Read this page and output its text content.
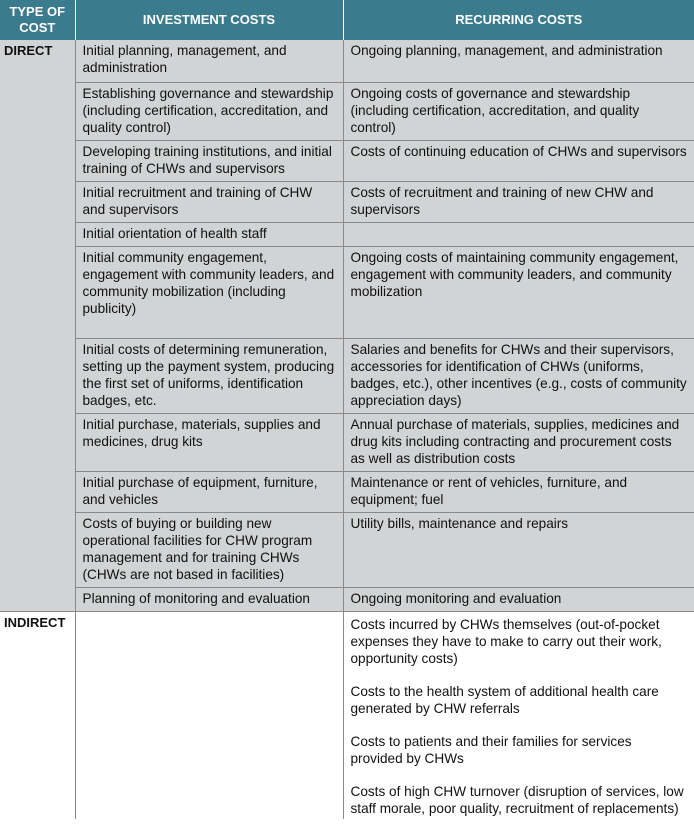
TYPE OF COST	INVESTMENT COSTS	RECURRING COSTS
DIRECT	Initial planning, management, and administration	Ongoing planning, management, and administration
	Establishing governance and stewardship (including certification, accreditation, and quality control)	Ongoing costs of governance and stewardship (including certification, accreditation, and quality control)
	Developing training institutions, and initial training of CHWs and supervisors	Costs of continuing education of CHWs and supervisors
	Initial recruitment and training of CHW and supervisors	Costs of recruitment and training of new CHW and supervisors
	Initial orientation of health staff	
	Initial community engagement, engagement with community leaders, and community mobilization (including publicity)	Ongoing costs of maintaining community engagement, engagement with community leaders, and community mobilization
	Initial costs of determining remuneration, setting up the payment system, producing the first set of uniforms, identification badges, etc.	Salaries and benefits for CHWs and their supervisors, accessories for identification of CHWs (uniforms, badges, etc.), other incentives (e.g., costs of community appreciation days)
	Initial purchase, materials, supplies and medicines, drug kits	Annual purchase of materials, supplies, medicines and drug kits including contracting and procurement costs as well as distribution costs
	Initial purchase of equipment, furniture, and vehicles	Maintenance or rent of vehicles, furniture, and equipment; fuel
	Costs of buying or building new operational facilities for CHW program management and for training CHWs (CHWs are not based in facilities)	Utility bills, maintenance and repairs
	Planning of monitoring and evaluation	Ongoing monitoring and evaluation
INDIRECT		Costs incurred by CHWs themselves (out-of-pocket expenses they have to make to carry out their work, opportunity costs)

Costs to the health system of additional health care generated by CHW referrals

Costs to patients and their families for services provided by CHWs

Costs of high CHW turnover (disruption of services, low staff morale, poor quality, recruitment of replacements)
